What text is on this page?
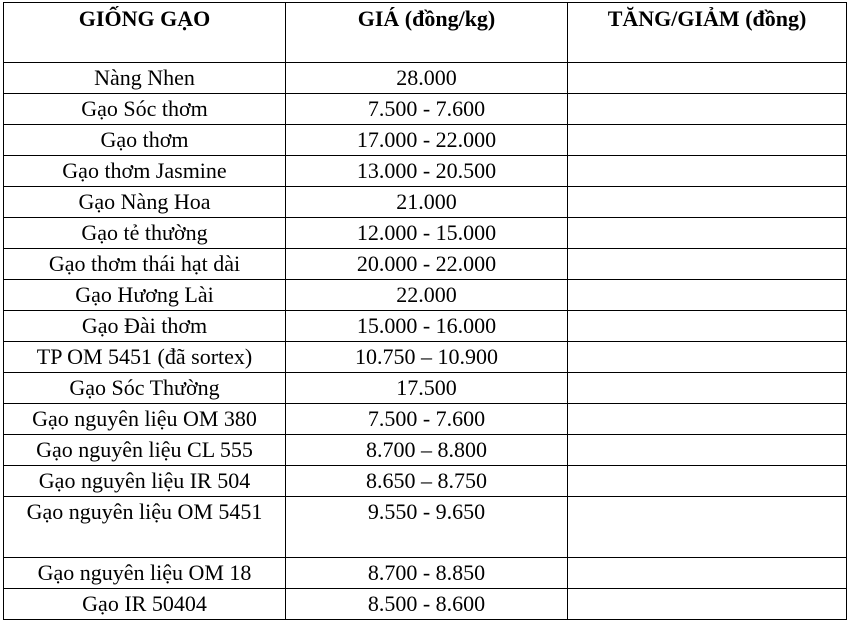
GIỐNG GẠO	GIÁ (đồng/kg)	TĂNG/GIẢM (đồng)
Nàng Nhen	28.000	
Gạo Sóc thơm	7.500 - 7.600	
Gạo thơm	17.000 - 22.000	
Gạo thơm Jasmine	13.000 - 20.500	
Gạo Nàng Hoa	21.000	
Gạo tẻ thường	12.000 - 15.000	
Gạo thơm thái hạt dài	20.000 - 22.000	
Gạo Hương Lài	22.000	
Gạo Đài thơm	15.000 - 16.000	
TP OM 5451 (đã sortex)	10.750 – 10.900	
Gạo Sóc Thường	17.500	
Gạo nguyên liệu OM 380	7.500 - 7.600	
Gạo nguyên liệu CL 555	8.700 – 8.800	
Gạo nguyên liệu IR 504	8.650 – 8.750	
Gạo nguyên liệu OM 5451	9.550 - 9.650	
Gạo nguyên liệu OM 18	8.700 - 8.850	
Gạo IR 50404	8.500 - 8.600	
